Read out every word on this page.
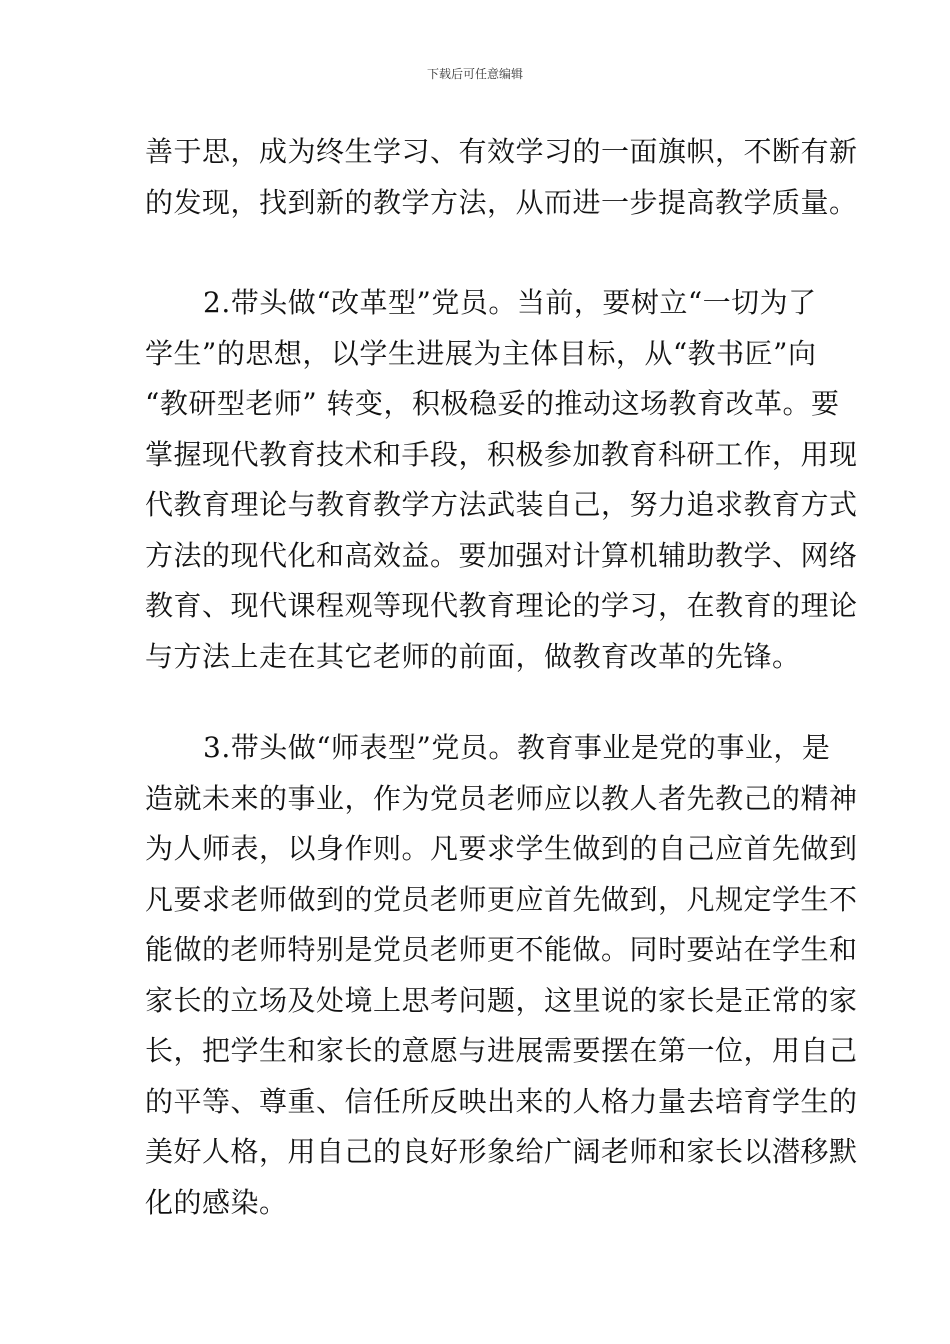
下载后可任意编辑
善于思，成为终生学习、有效学习的一面旗帜，不断有新
的发现，找到新的教学方法，从而进一步提高教学质量。
2.带头做“改革型”党员。当前，要树立“一切为了
学生”的思想，以学生进展为主体目标，从“教书匠”向
“教研型老师” 转变，积极稳妥的推动这场教育改革。要
掌握现代教育技术和手段，积极参加教育科研工作，用现
代教育理论与教育教学方法武装自己，努力追求教育方式
方法的现代化和高效益。要加强对计算机辅助教学、网络
教育、现代课程观等现代教育理论的学习，在教育的理论
与方法上走在其它老师的前面，做教育改革的先锋。
3.带头做“师表型”党员。教育事业是党的事业，是
造就未来的事业，作为党员老师应以教人者先教己的精神
为人师表，以身作则。凡要求学生做到的自己应首先做到
凡要求老师做到的党员老师更应首先做到，凡规定学生不
能做的老师特别是党员老师更不能做。同时要站在学生和
家长的立场及处境上思考问题，这里说的家长是正常的家
长，把学生和家长的意愿与进展需要摆在第一位，用自己
的平等、尊重、信任所反映出来的人格力量去培育学生的
美好人格，用自己的良好形象给广阔老师和家长以潜移默
化的感染。
